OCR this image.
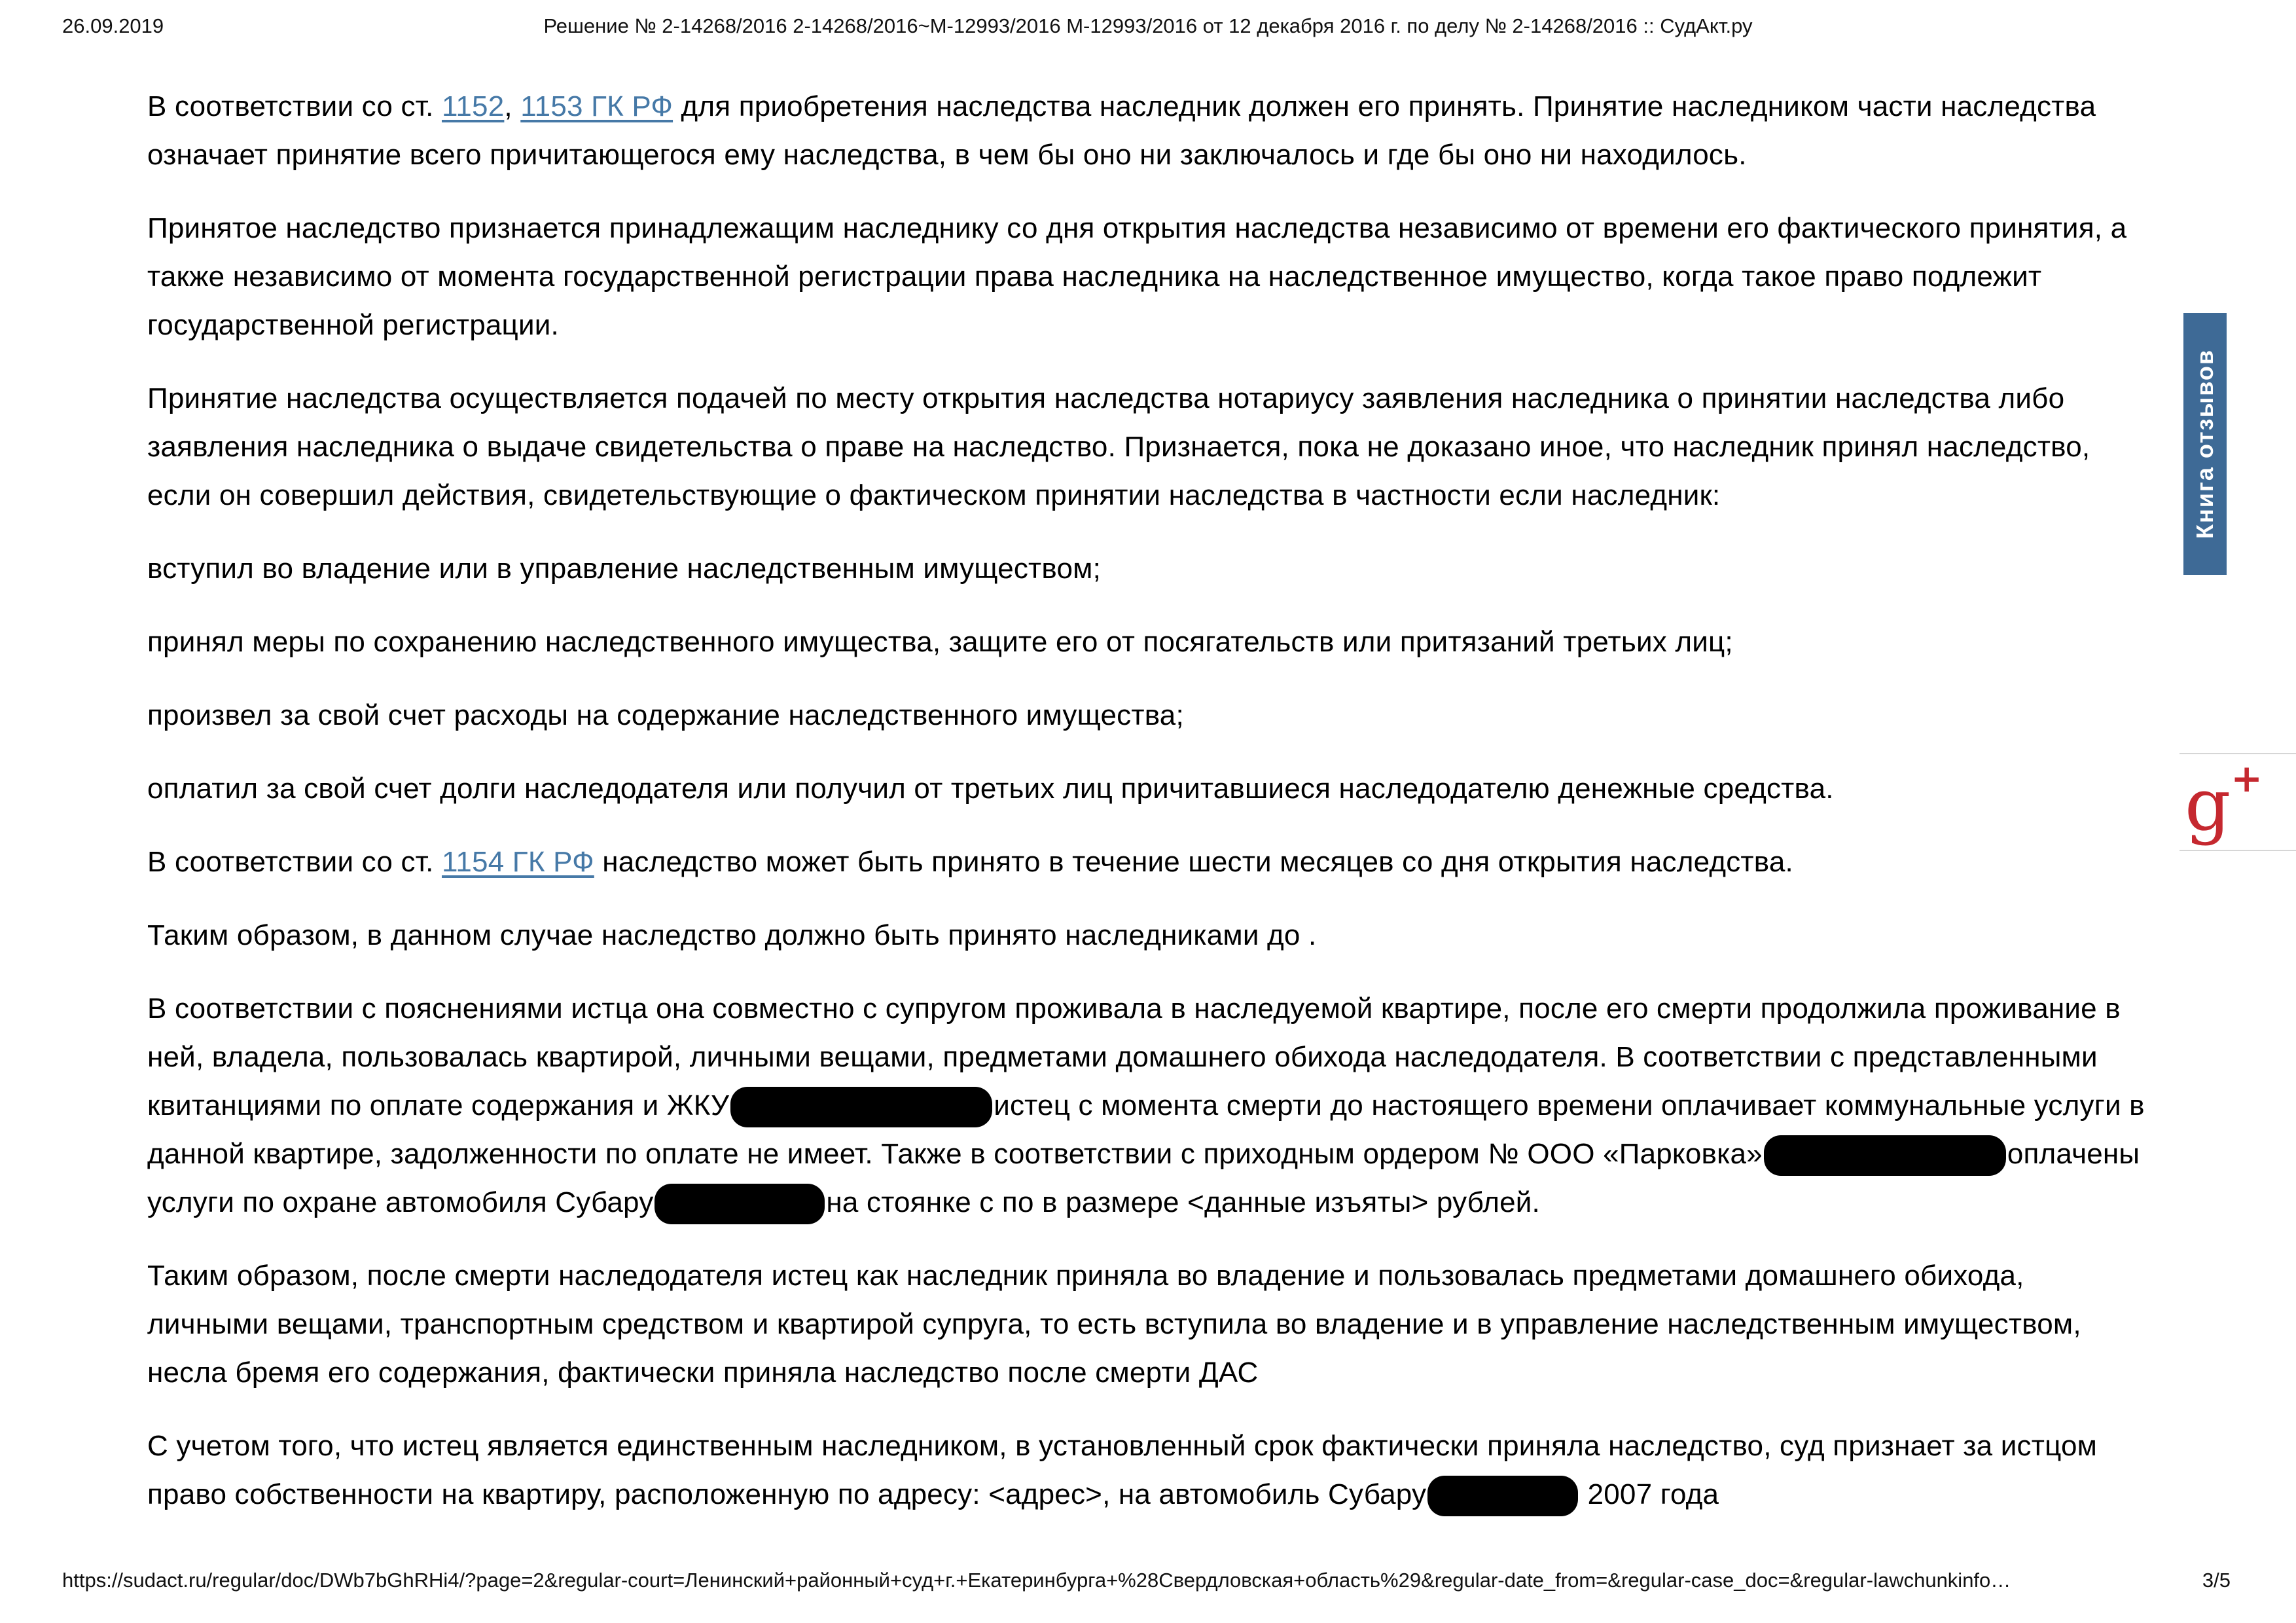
26.09.2019	Решение № 2-14268/2016 2-14268/2016~М-12993/2016 М-12993/2016 от 12 декабря 2016 г. по делу № 2-14268/2016 :: СудАкт.ру

В соответствии со ст. 1152, 1153 ГК РФ для приобретения наследства наследник должен его принять. Принятие наследником части наследства означает принятие всего причитающегося ему наследства, в чем бы оно ни заключалось и где бы оно ни находилось.

Принятое наследство признается принадлежащим наследнику со дня открытия наследства независимо от времени его фактического принятия, а также независимо от момента государственной регистрации права наследника на наследственное имущество, когда такое право подлежит государственной регистрации.

Принятие наследства осуществляется подачей по месту открытия наследства нотариусу заявления наследника о принятии наследства либо заявления наследника о выдаче свидетельства о праве на наследство. Признается, пока не доказано иное, что наследник принял наследство, если он совершил действия, свидетельствующие о фактическом принятии наследства в частности если наследник:

вступил во владение или в управление наследственным имуществом;

принял меры по сохранению наследственного имущества, защите его от посягательств или притязаний третьих лиц;

произвел за свой счет расходы на содержание наследственного имущества;

оплатил за свой счет долги наследодателя или получил от третьих лиц причитавшиеся наследодателю денежные средства.

В соответствии со ст. 1154 ГК РФ наследство может быть принято в течение шести месяцев со дня открытия наследства.

Таким образом, в данном случае наследство должно быть принято наследниками до .

В соответствии с пояснениями истца она совместно с супругом проживала в наследуемой квартире, после его смерти продолжила проживание в ней, владела, пользовалась квартирой, личными вещами, предметами домашнего обихода наследодателя. В соответствии с представленными квитанциями по оплате содержания и ЖКУ	истец с момента смерти до настоящего времени оплачивает коммунальные услуги в данной квартире, задолженности по оплате не имеет. Также в соответствии с приходным ордером № ООО «Парковка»	оплачены услуги по охране автомобиля Субару	на стоянке с по в размере <данные изъяты> рублей.

Таким образом, после смерти наследодателя истец как наследник приняла во владение и пользовалась предметами домашнего обихода, личными вещами, транспортным средством и квартирой супруга, то есть вступила во владение и в управление наследственным имуществом, несла бремя его содержания, фактически приняла наследство после смерти ДАС

С учетом того, что истец является единственным наследником, в установленный срок фактически приняла наследство, суд признает за истцом право собственности на квартиру, расположенную по адресу: <адрес>, на автомобиль Субару	2007 года

Книга отзывов
g+
https://sudact.ru/regular/doc/DWb7bGhRHi4/?page=2&regular-court=Ленинский+районный+суд+г.+Екатеринбурга+%28Свердловская+область%29&regular-date_from=&regular-case_doc=&regular-lawchunkinfo…	3/5
